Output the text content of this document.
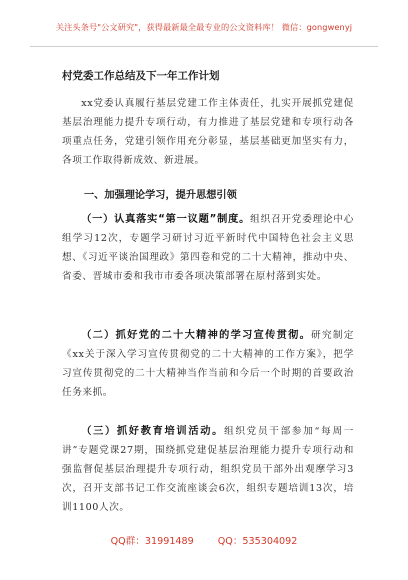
关注头条号"公文研究"，获得最新最全最专业的公文资料库！ 微信：gongwenyj
村党委工作总结及下一年工作计划
xx党委认真履行基层党建工作主体责任，扎实开展抓党建促基层治理能力提升专项行动，有力推进了基层党建和专项行动各项重点任务，党建引领作用充分彰显，基层基础更加坚实有力，各项工作取得新成效、新进展。
一、加强理论学习，提升思想引领
（一）认真落实“第一议题”制度。组织召开党委理论中心组学习12次，专题学习研讨习近平新时代中国特色社会主义思想、《习近平谈治国理政》第四卷和党的二十大精神，推动中央、省委、晋城市委和我市市委各项决策部署在原村落到实处。
（二）抓好党的二十大精神的学习宣传贯彻。研究制定《xx关于深入学习宣传贯彻党的二十大精神的工作方案》，把学习宣传贯彻党的二十大精神当作当前和今后一个时期的首要政治任务来抓。
（三）抓好教育培训活动。组织党员干部参加“每周一讲”专题党课27期，围绕抓党建促基层治理能力提升专项行动和强监督促基层治理提升专项行动，组织党员干部外出观摩学习3次，召开支部书记工作交流座谈会6次，组织专题培训13次，培训1100人次。
QQ群：31991489	QQ：535304092
